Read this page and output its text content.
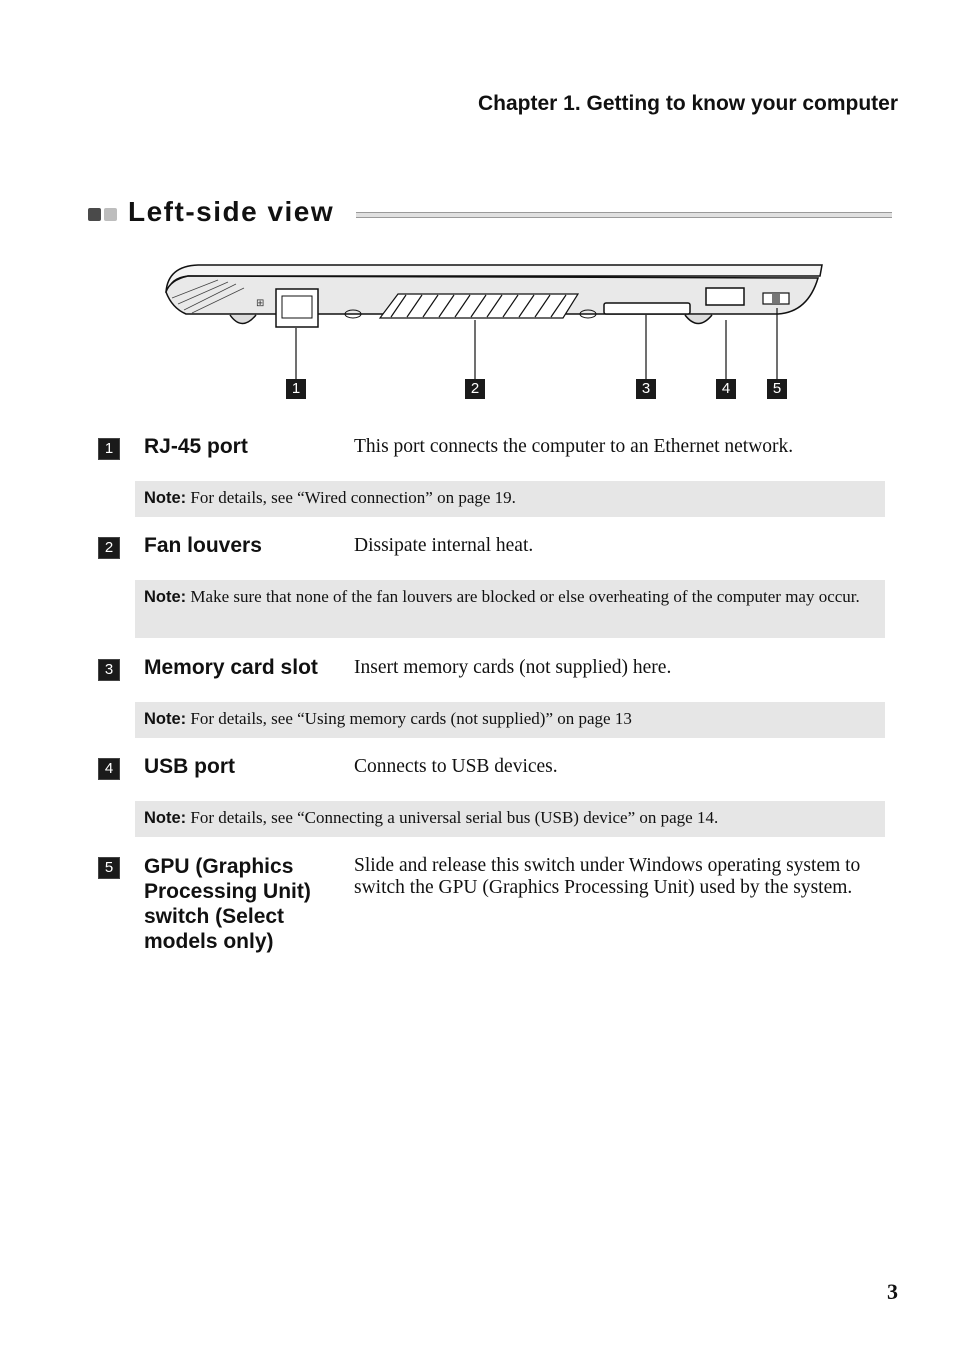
Chapter 1. Getting to know your computer
Left-side view
⊞
1	2	3	4	5
1	RJ-45 port	This port connects the computer to an Ethernet network.
Note: For details, see “Wired connection” on page 19.
2	Fan louvers	Dissipate internal heat.
Note: Make sure that none of the fan louvers are blocked or else overheating of the computer may occur.
3	Memory card slot	Insert memory cards (not supplied) here.
Note: For details, see “Using memory cards (not supplied)” on page 13
4	USB port	Connects to USB devices.
Note: For details, see “Connecting a universal serial bus (USB) device” on page 14.
5	GPU (Graphics Processing Unit) switch (Select models only)
Slide and release this switch under Windows operating system to switch the GPU (Graphics Processing Unit) used by the system.
3
